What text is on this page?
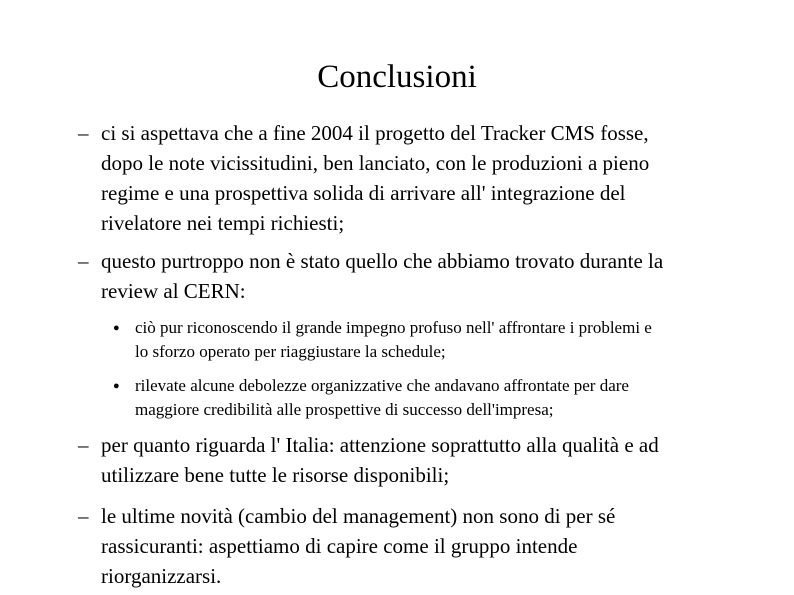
Conclusioni
– ci si aspettava che a fine 2004 il progetto del Tracker CMS fosse,
dopo le note vicissitudini, ben lanciato, con le produzioni a pieno
regime e una prospettiva solida di arrivare all' integrazione del
rivelatore nei tempi richiesti;
– questo purtroppo non è stato quello che abbiamo trovato durante la
review al CERN:
● ciò pur riconoscendo il grande impegno profuso nell' affrontare i problemi e
lo sforzo operato per riaggiustare la schedule;
● rilevate alcune debolezze organizzative che andavano affrontate per dare
maggiore credibilità alle prospettive di successo dell'impresa;
– per quanto riguarda l' Italia: attenzione soprattutto alla qualità e ad
utilizzare bene tutte le risorse disponibili;
– le ultime novità (cambio del management) non sono di per sé
rassicuranti: aspettiamo di capire come il gruppo intende
riorganizzarsi.
